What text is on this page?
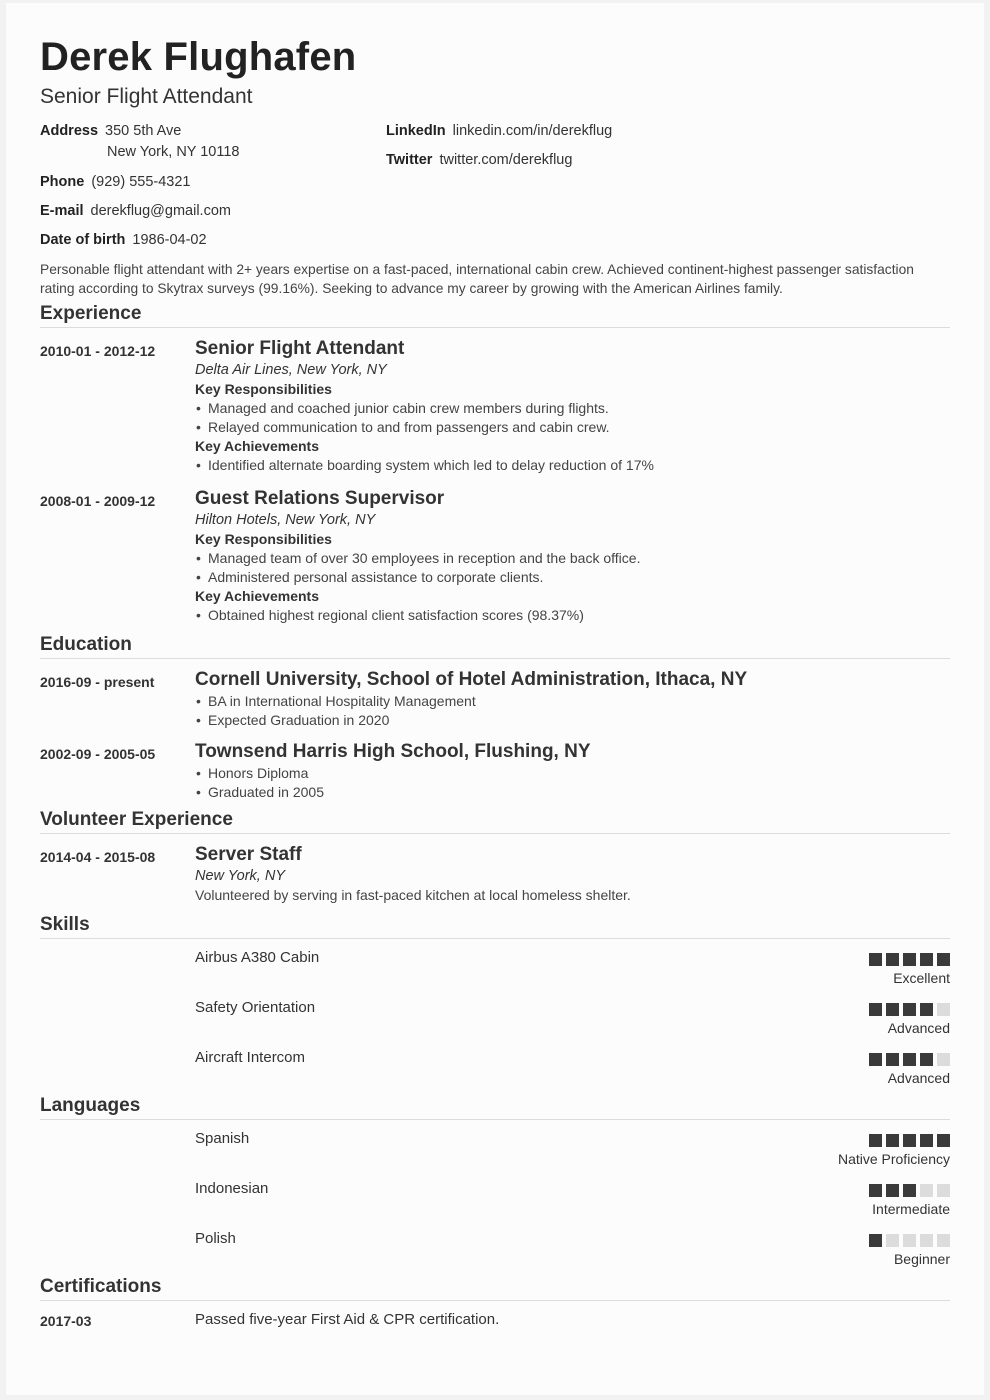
Derek Flughafen
Senior Flight Attendant
Address 350 5th Ave
New York, NY 10118
Phone (929) 555-4321
E-mail derekflug@gmail.com
Date of birth 1986-04-02
LinkedIn linkedin.com/in/derekflug
Twitter twitter.com/derekflug
Personable flight attendant with 2+ years expertise on a fast-paced, international cabin crew. Achieved continent-highest passenger satisfaction rating according to Skytrax surveys (99.16%). Seeking to advance my career by growing with the American Airlines family.
Experience
2010-01 - 2012-12 Senior Flight Attendant
Delta Air Lines, New York, NY
Key Responsibilities
• Managed and coached junior cabin crew members during flights.
• Relayed communication to and from passengers and cabin crew.
Key Achievements
• Identified alternate boarding system which led to delay reduction of 17%
2008-01 - 2009-12 Guest Relations Supervisor
Hilton Hotels, New York, NY
Key Responsibilities
• Managed team of over 30 employees in reception and the back office.
• Administered personal assistance to corporate clients.
Key Achievements
• Obtained highest regional client satisfaction scores (98.37%)
Education
2016-09 - present Cornell University, School of Hotel Administration, Ithaca, NY
• BA in International Hospitality Management
• Expected Graduation in 2020
2002-09 - 2005-05 Townsend Harris High School, Flushing, NY
• Honors Diploma
• Graduated in 2005
Volunteer Experience
2014-04 - 2015-08 Server Staff
New York, NY
Volunteered by serving in fast-paced kitchen at local homeless shelter.
Skills
Airbus A380 Cabin
Excellent
Safety Orientation
Advanced
Aircraft Intercom
Advanced
Languages
Spanish
Native Proficiency
Indonesian
Intermediate
Polish
Beginner
Certifications
2017-03	Passed five-year First Aid & CPR certification.
